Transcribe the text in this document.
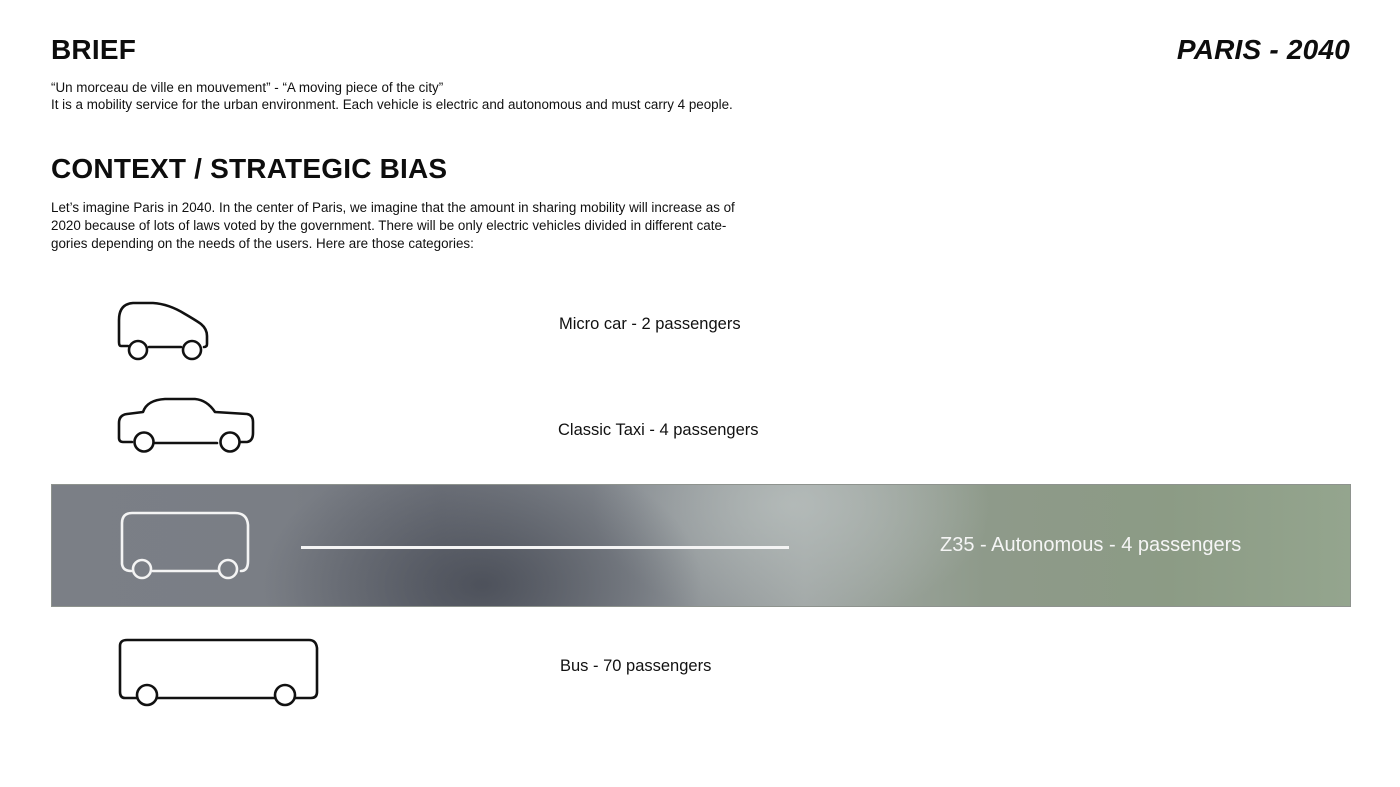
BRIEF	PARIS - 2040

“Un morceau de ville en mouvement” - “A moving piece of the city”

It is a mobility service for the urban environment. Each vehicle is electric and autonomous and must carry 4 people.

CONTEXT / STRATEGIC BIAS
Let’s imagine Paris in 2040. In the center of Paris, we imagine that the amount in sharing mobility will increase as of
2020 because of lots of laws voted by the government. There will be only electric vehicles divided in different cate-
gories depending on the needs of the users. Here are those categories:
Micro car - 2 passengers
Classic Taxi - 4 passengers
Z35 - Autonomous - 4 passengers
Bus - 70 passengers
